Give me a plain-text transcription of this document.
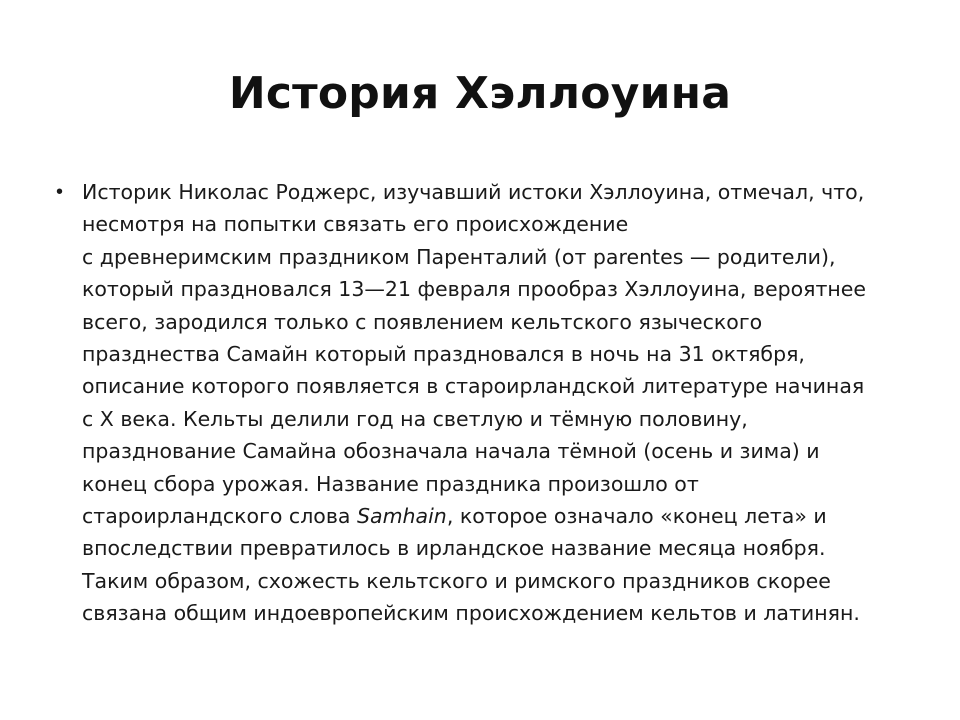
История Хэллоуина
• Историк Николас Роджерс, изучавший истоки Хэллоуина, отмечал, что,
несмотря на попытки связать его происхождение
с древнеримским праздником Паренталий (от parentes — родители),
который праздновался 13—21 февраля прообраз Хэллоуина, вероятнее
всего, зародился только с появлением кельтского языческого
празднества Самайн который праздновался в ночь на 31 октября,
описание которого появляется в староирландской литературе начиная
с X века. Кельты делили год на светлую и тёмную половину,
празднование Самайна обозначала начала тёмной (осень и зима) и
конец сбора урожая. Название праздника произошло от
староирландского слова Samhain, которое означало «конец лета» и
впоследствии превратилось в ирландское название месяца ноября.
Таким образом, схожесть кельтского и римского праздников скорее
связана общим индоевропейским происхождением кельтов и латинян.
